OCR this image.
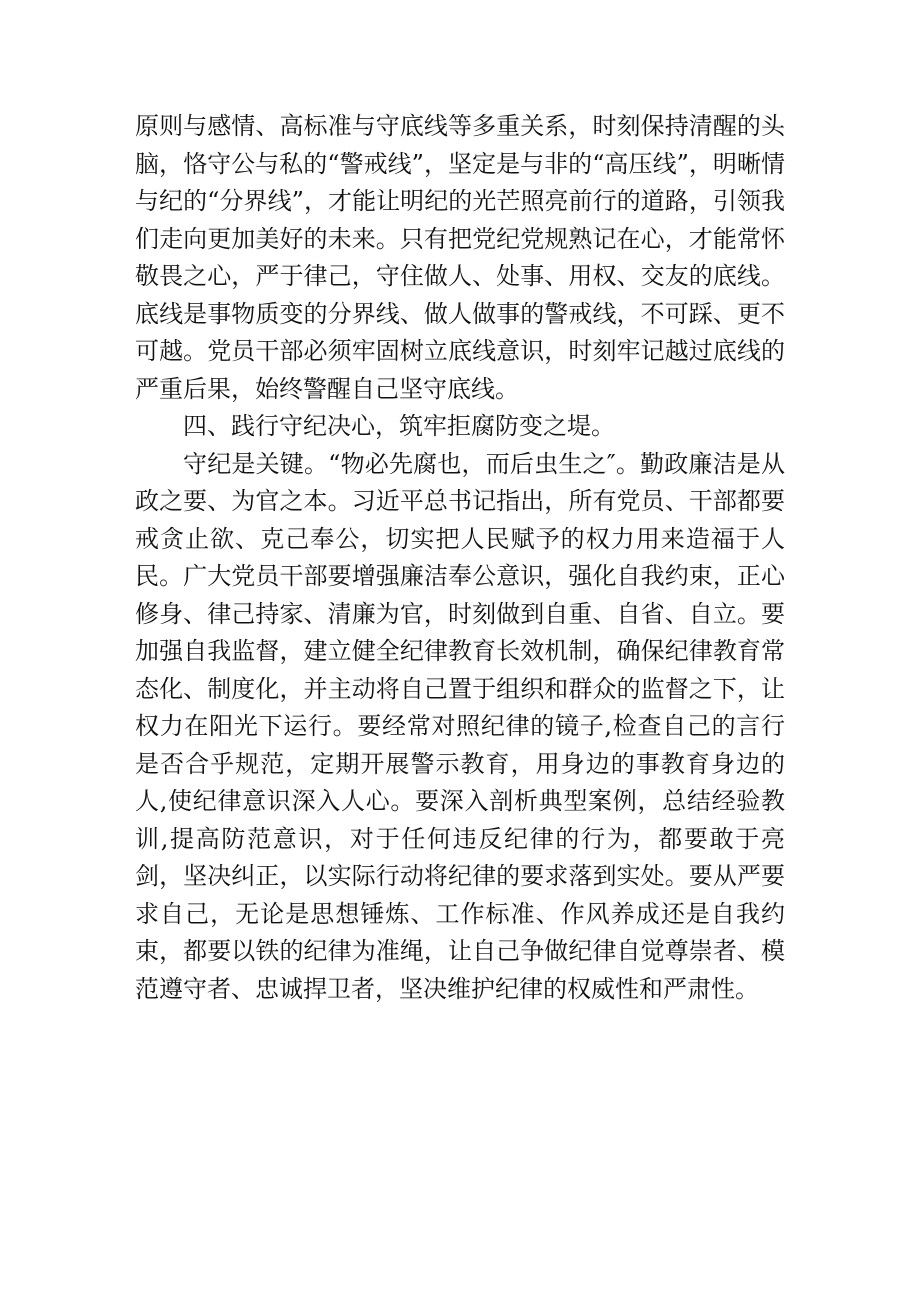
原则与感情、高标准与守底线等多重关系，时刻保持清醒的头脑，恪守公与私的“警戒线”，坚定是与非的“高压线”，明晰情与纪的“分界线”，才能让明纪的光芒照亮前行的道路，引领我们走向更加美好的未来。只有把党纪党规熟记在心，才能常怀敬畏之心，严于律己，守住做人、处事、用权、交友的底线。底线是事物质变的分界线、做人做事的警戒线，不可踩、更不可越。党员干部必须牢固树立底线意识，时刻牢记越过底线的严重后果，始终警醒自己坚守底线。

四、践行守纪决心，筑牢拒腐防变之堤。

守纪是关键。“物必先腐也，而后虫生之″。勤政廉洁是从政之要、为官之本。习近平总书记指出，所有党员、干部都要戒贪止欲、克己奉公，切实把人民赋予的权力用来造福于人民。广大党员干部要增强廉洁奉公意识，强化自我约束，正心修身、律己持家、清廉为官，时刻做到自重、自省、自立。要加强自我监督，建立健全纪律教育长效机制，确保纪律教育常态化、制度化，并主动将自己置于组织和群众的监督之下，让权力在阳光下运行。要经常对照纪律的镜子,检查自己的言行是否合乎规范，定期开展警示教育，用身边的事教育身边的人,使纪律意识深入人心。要深入剖析典型案例，总结经验教训,提高防范意识，对于任何违反纪律的行为，都要敢于亮剑，坚决纠正，以实际行动将纪律的要求落到实处。要从严要求自己，无论是思想锤炼、工作标准、作风养成还是自我约束，都要以铁的纪律为准绳，让自己争做纪律自觉尊崇者、模范遵守者、忠诚捍卫者，坚决维护纪律的权威性和严肃性。
